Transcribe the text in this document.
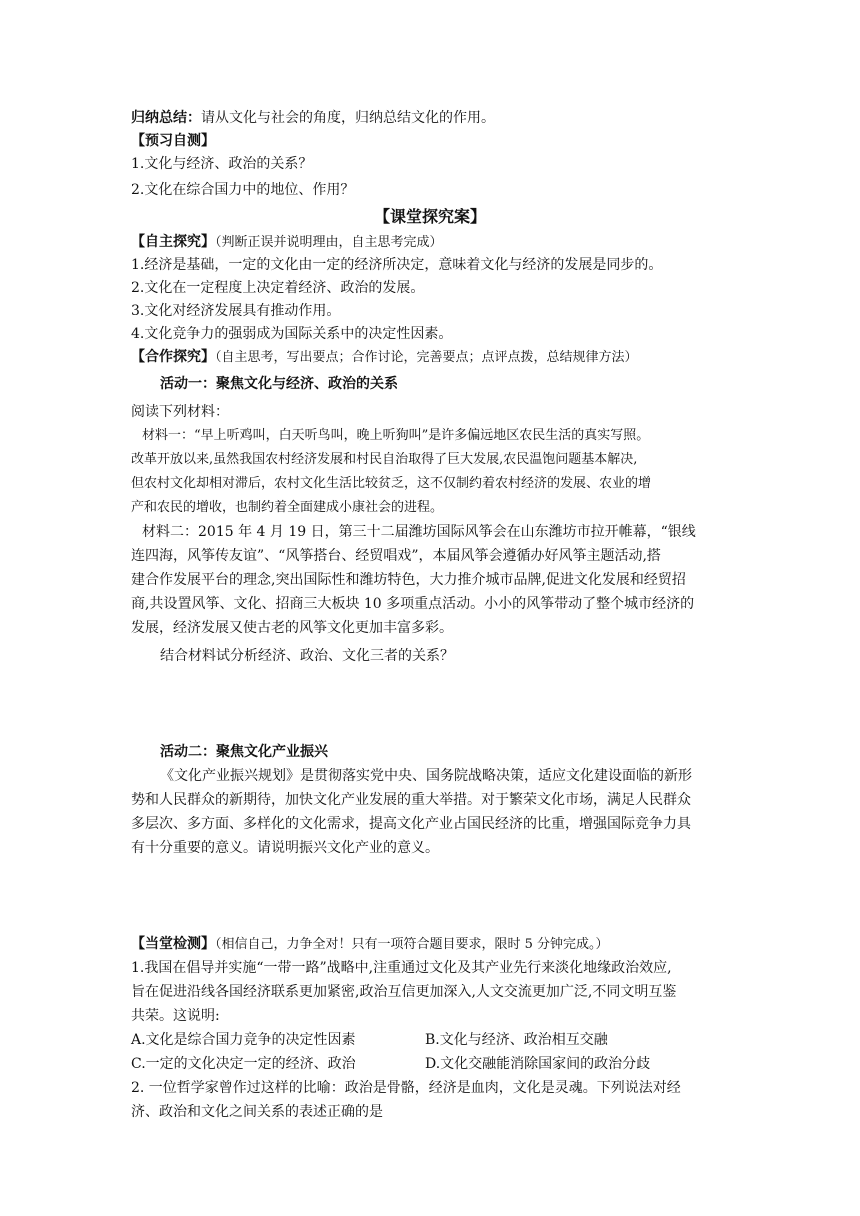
归纳总结：请从文化与社会的角度，归纳总结文化的作用。
【预习自测】
1.文化与经济、政治的关系？
2.文化在综合国力中的地位、作用？
【课堂探究案】
【自主探究】（判断正误并说明理由，自主思考完成）
1.经济是基础，一定的文化由一定的经济所决定，意味着文化与经济的发展是同步的。
2.文化在一定程度上决定着经济、政治的发展。
3.文化对经济发展具有推动作用。
4.文化竞争力的强弱成为国际关系中的决定性因素。
【合作探究】（自主思考，写出要点；合作讨论，完善要点；点评点拨，总结规律方法）
活动一：聚焦文化与经济、政治的关系
阅读下列材料：
材料一：“早上听鸡叫，白天听鸟叫，晚上听狗叫”是许多偏远地区农民生活的真实写照。
改革开放以来,虽然我国农村经济发展和村民自治取得了巨大发展,农民温饱问题基本解决,
但农村文化却相对滞后，农村文化生活比较贫乏，这不仅制约着农村经济的发展、农业的增
产和农民的增收，也制约着全面建成小康社会的进程。
材料二：2015 年 4 月 19 日，第三十二届潍坊国际风筝会在山东潍坊市拉开帷幕，“银线
连四海，风筝传友谊”、“风筝搭台、经贸唱戏”，本届风筝会遵循办好风筝主题活动,搭
建合作发展平台的理念,突出国际性和潍坊特色，大力推介城市品牌,促进文化发展和经贸招
商,共设置风筝、文化、招商三大板块 10 多项重点活动。小小的风筝带动了整个城市经济的
发展，经济发展又使古老的风筝文化更加丰富多彩。
结合材料试分析经济、政治、文化三者的关系？
活动二：聚焦文化产业振兴
《文化产业振兴规划》是贯彻落实党中央、国务院战略决策，适应文化建设面临的新形
势和人民群众的新期待，加快文化产业发展的重大举措。对于繁荣文化市场，满足人民群众
多层次、多方面、多样化的文化需求，提高文化产业占国民经济的比重，增强国际竞争力具
有十分重要的意义。请说明振兴文化产业的意义。
【当堂检测】（相信自己，力争全对！只有一项符合题目要求，限时 5 分钟完成。）
1.我国在倡导并实施“一带一路”战略中,注重通过文化及其产业先行来淡化地缘政治效应,
旨在促进沿线各国经济联系更加紧密,政治互信更加深入,人文交流更加广泛,不同文明互鉴
共荣。这说明:
A.文化是综合国力竞争的决定性因素	B.文化与经济、政治相互交融
C.一定的文化决定一定的经济、政治	D.文化交融能消除国家间的政治分歧
2. 一位哲学家曾作过这样的比喻：政治是骨骼，经济是血肉，文化是灵魂。下列说法对经
济、政治和文化之间关系的表述正确的是
